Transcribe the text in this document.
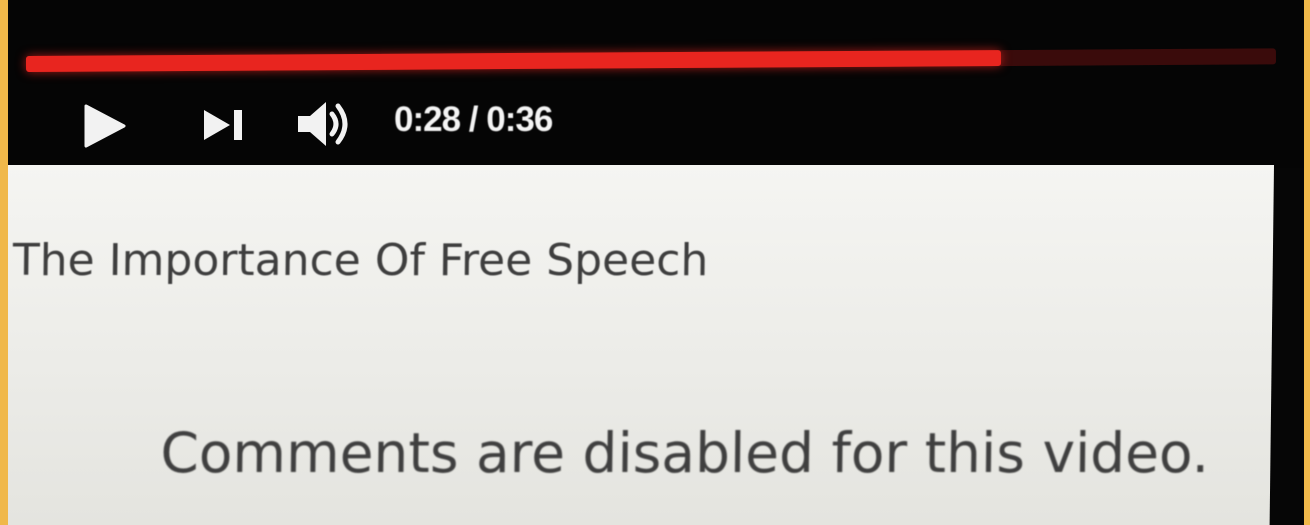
0:28 / 0:36
The Importance Of Free Speech
Comments are disabled for this video.
